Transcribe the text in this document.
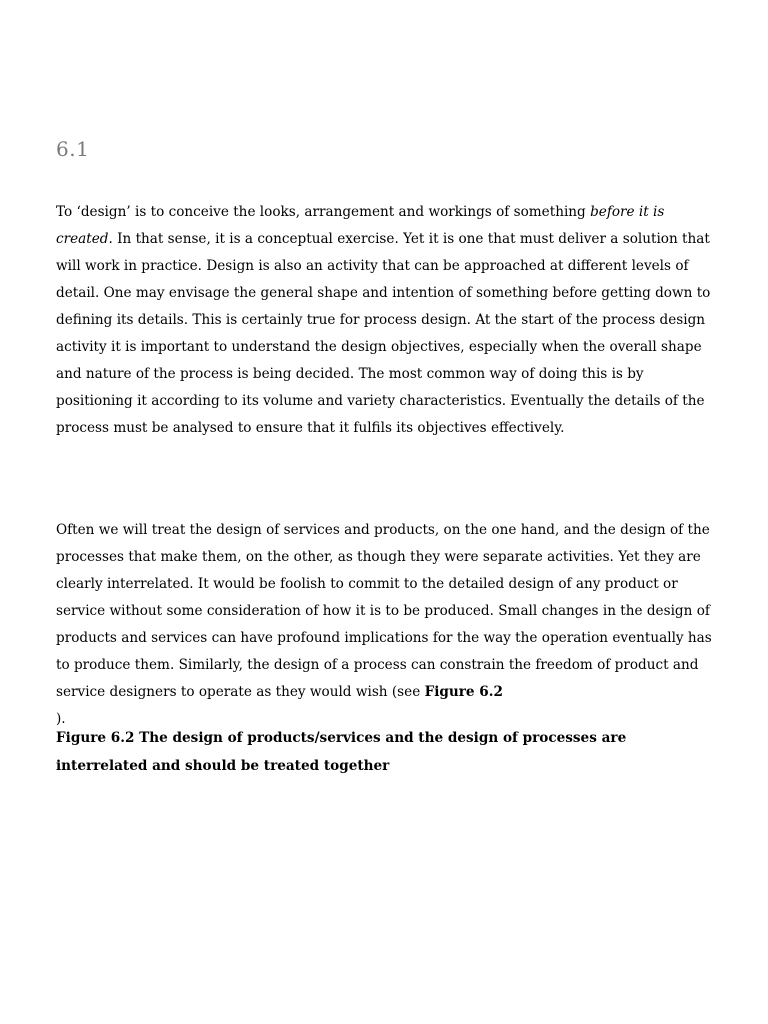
6.1

To ‘design’ is to conceive the looks, arrangement and workings of something before it is created. In that sense, it is a conceptual exercise. Yet it is one that must deliver a solution that will work in practice. Design is also an activity that can be approached at different levels of detail. One may envisage the general shape and intention of something before getting down to defining its details. This is certainly true for process design. At the start of the process design activity it is important to understand the design objectives, especially when the overall shape and nature of the process is being decided. The most common way of doing this is by positioning it according to its volume and variety characteristics. Eventually the details of the process must be analysed to ensure that it fulfils its objectives effectively.

Often we will treat the design of services and products, on the one hand, and the design of the processes that make them, on the other, as though they were separate activities. Yet they are clearly interrelated. It would be foolish to commit to the detailed design of any product or service without some consideration of how it is to be produced. Small changes in the design of products and services can have profound implications for the way the operation eventually has to produce them. Similarly, the design of a process can constrain the freedom of product and service designers to operate as they would wish (see Figure 6.2
).

Figure 6.2 The design of products/services and the design of processes are interrelated and should be treated together
